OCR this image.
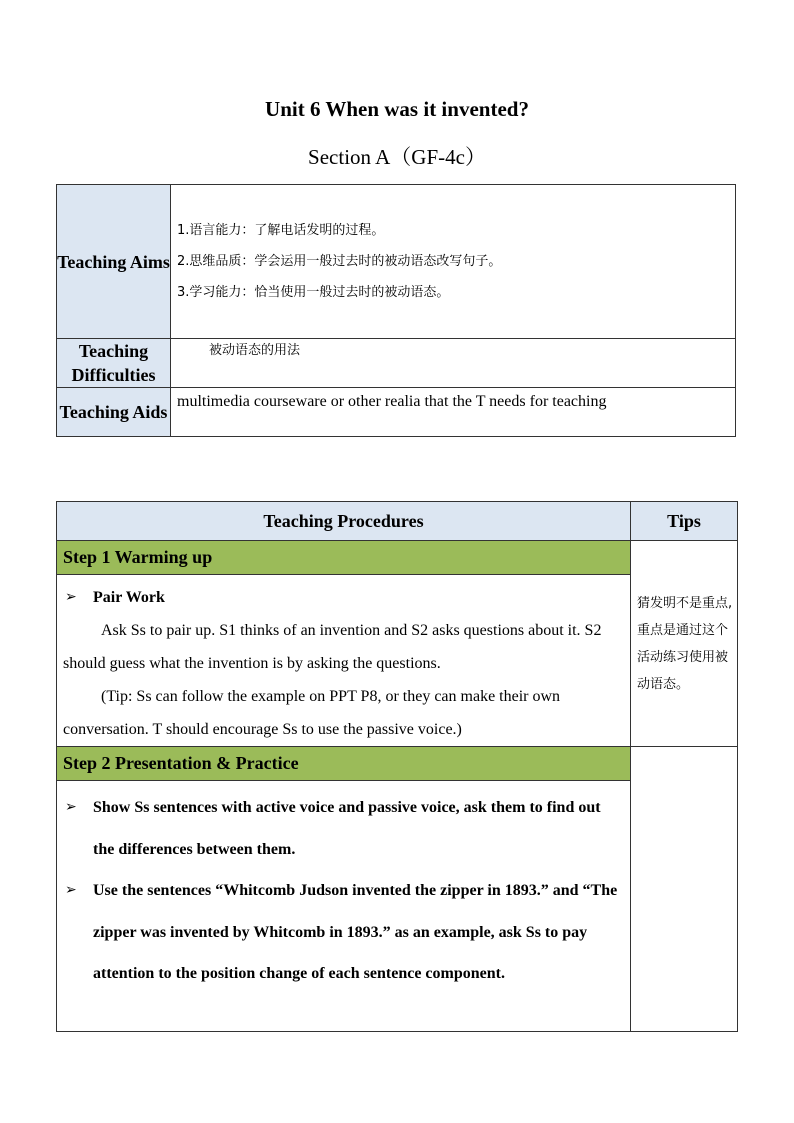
Unit 6 When was it invented?
Section A（GF-4c）
Teaching Aims	1.语言能力：了解电话发明的过程。
2.思维品质：学会运用一般过去时的被动语态改写句子。
3.学习能力：恰当使用一般过去时的被动语态。

Teaching Difficulties	被动语态的用法

Teaching Aids	multimedia courseware or other realia that the T needs for teaching
Teaching Procedures	Tips
Step 1 Warming up	猜发明不是重点,重点是通过这个活动练习使用被动语态。

➢ Pair Work
Ask Ss to pair up. S1 thinks of an invention and S2 asks questions about it. S2 should guess what the invention is by asking the questions.
(Tip: Ss can follow the example on PPT P8, or they can make their own conversation. T should encourage Ss to use the passive voice.)	

Step 2 Presentation & Practice	

➢ Show Ss sentences with active voice and passive voice, ask them to find out the differences between them.
➢ Use the sentences “Whitcomb Judson invented the zipper in 1893.” and “The zipper was invented by Whitcomb in 1893.” as an example, ask Ss to pay attention to the position change of each sentence component.	
